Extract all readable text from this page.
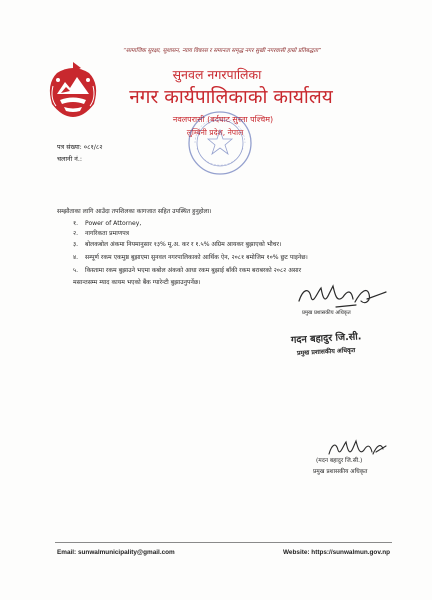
“सामाजिक सुरक्षा, सुशासन, न्याय विकास र समानता समृद्ध नगर सुखी नगरवासी हाम्रो प्रतिबद्धता”
सुनवल नगरपालिका
नगर कार्यपालिकाको कार्यालय
नवलपरासी (बर्दघाट सुस्ता पश्चिम)
लुम्बिनी प्रदेश, नेपाल
पत्र संख्या: ०८१/८२
चलानी नं.:
सम्झौताका लागि आउँदा तपशिलका कागजात सहित उपस्थित हुनुहोला।
१. Power of Attorney,
२. नागरिकता प्रमाणपत्र
३. बोलकबोल अंकमा नियमानुसार १३% मू.अ. कर र १.५% अग्रिम आयकर बुझाएको भौचर।
४. सम्पूर्ण रकम एकमुष्ठ बुझाएमा सुनवल नगरपालिकाको आर्थिक ऐन, २०८१ बमोजिम १०% छुट पाइनेछ।
५. किस्तामा रकम बुझाउने भएमा कबोल अंकको आधा रकम बुझाई बाँकी रकम बराबरको २०८२ असार
मसान्तसम्म म्याद कायम भएको बैंक ग्यारेन्टी बुझाउनुपर्नेछ।
प्रमुख प्रशासकीय अधिकृत
गदन बहादुर जि.सी.
प्रमुख प्रशासकीय अधिकृत
(मदन बहादुर जि.सी.)
प्रमुख प्रशासकीय अधिकृत
Email: sunwalmunicipality@gmail.com	Website: https://sunwalmun.gov.np
